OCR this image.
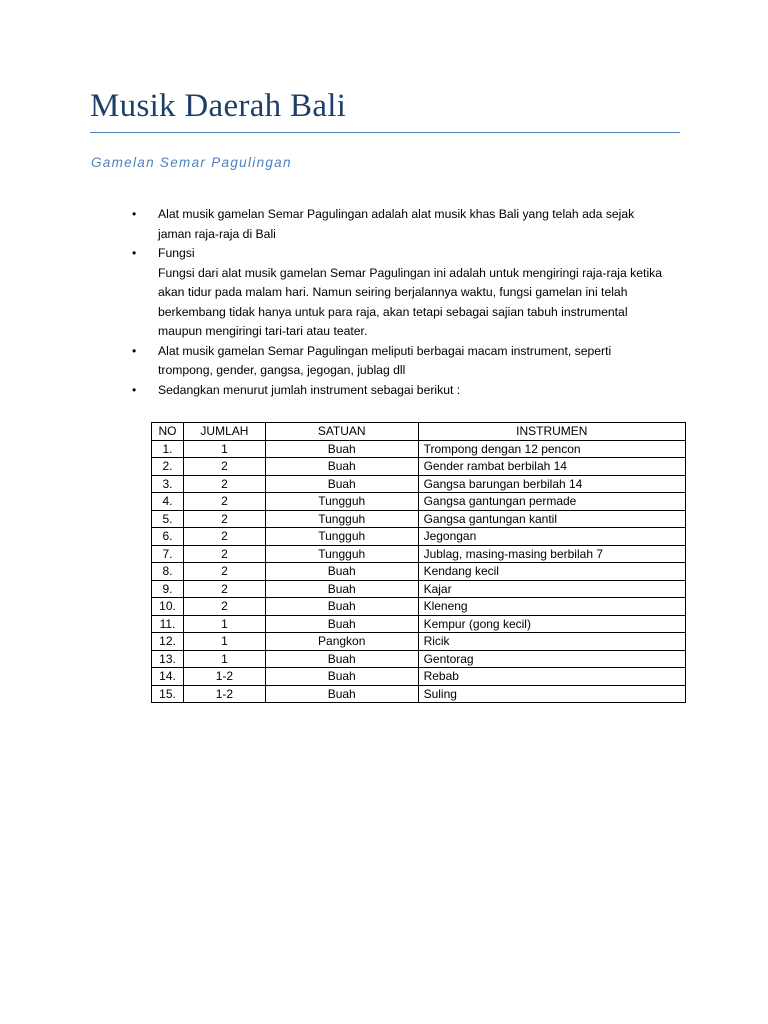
Musik Daerah Bali
Gamelan Semar Pagulingan
• Alat musik gamelan Semar Pagulingan adalah alat musik khas Bali yang telah ada sejak
jaman raja-raja di Bali
• Fungsi
Fungsi dari alat musik gamelan Semar Pagulingan ini adalah untuk mengiringi raja-raja ketika
akan tidur pada malam hari. Namun seiring berjalannya waktu, fungsi gamelan ini telah
berkembang tidak hanya untuk para raja, akan tetapi sebagai sajian tabuh instrumental
maupun mengiringi tari-tari atau teater.
• Alat musik gamelan Semar Pagulingan meliputi berbagai macam instrument, seperti
trompong, gender, gangsa, jegogan, jublag dll
• Sedangkan menurut jumlah instrument sebagai berikut :
NO	JUMLAH	SATUAN	INSTRUMEN
1.	1	Buah	Trompong dengan 12 pencon
2.	2	Buah	Gender rambat berbilah 14
3.	2	Buah	Gangsa barungan berbilah 14
4.	2	Tungguh	Gangsa gantungan permade
5.	2	Tungguh	Gangsa gantungan kantil
6.	2	Tungguh	Jegongan
7.	2	Tungguh	Jublag, masing-masing berbilah 7
8.	2	Buah	Kendang kecil
9.	2	Buah	Kajar
10.	2	Buah	Kleneng
11.	1	Buah	Kempur (gong kecil)
12.	1	Pangkon	Ricik
13.	1	Buah	Gentorag
14.	1-2	Buah	Rebab
15.	1-2	Buah	Suling
